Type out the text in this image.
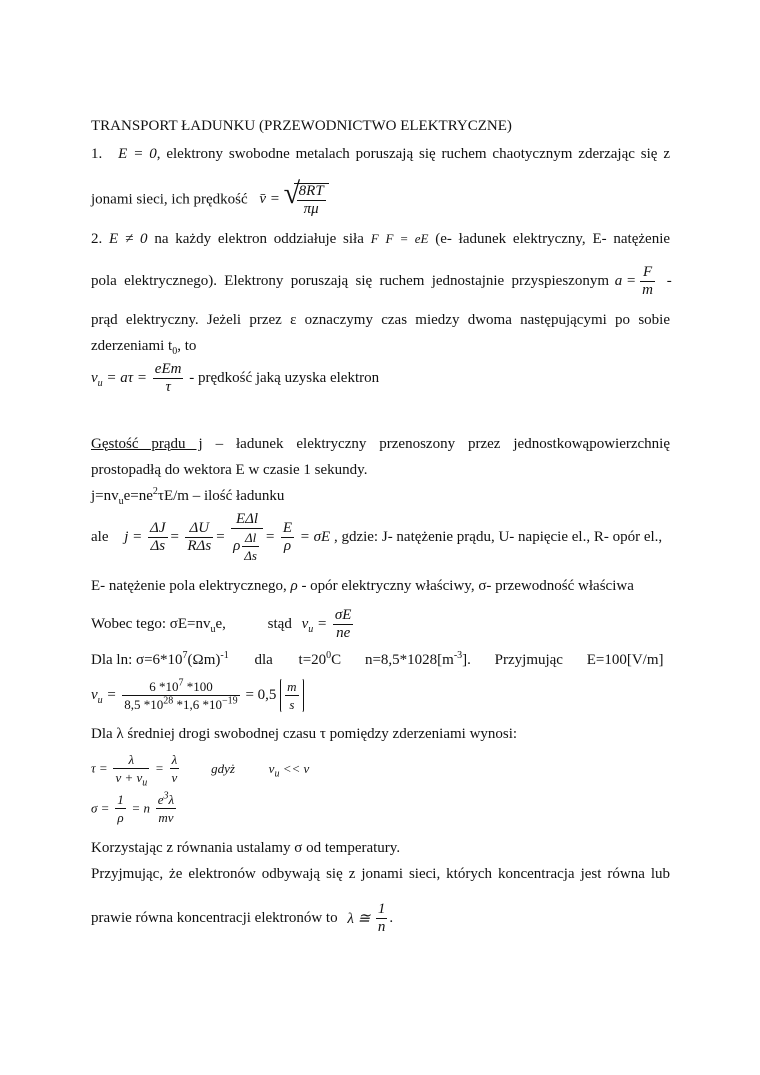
TRANSPORT ŁADUNKU (PRZEWODNICTWO ELEKTRYCZNE)
1. E = 0, elektrony swobodne metalach poruszają się ruchem chaotycznym zderzając się z
jonami sieci, ich prędkość v̄ = √
$\frac{8RT}{\pi\mu}$
2. E ≠ 0 na każdy elektron oddziałuje siła F F = eE (e- ładunek elektryczny, E- natężenie
pola elektrycznego). Elektrony poruszają się ruchem jednostajnie przyspieszonym $a = \frac{F}{m}$ -
prąd elektryczny. Jeżeli przez ε oznaczymy czas miedzy dwoma następującymi po sobie
zderzeniami $t_0$, to
$v_u = a\tau = \frac{\text{eEm}}{\tau}$ - prędkość jaką uzyska elektron
Gęstość prądu j – ładunek elektryczny przenoszony przez jednostkowąpowierzchnię
prostopadłą do wektora E w czasie 1 sekundy.
$j=nv_ue=ne^2\tau E/m$ – ilość ładunku
ale $j = \frac{\Delta J}{\Delta s} = \frac{\Delta U}{\text{RΔs}} = \frac{\text{EΔl}}{\rho \frac{\Delta l}{\Delta s}} = \frac{E}{\rho} = \sigma E$ , gdzie: J- natężenie prądu, U- napięcie el., R- opór el.,
E- natężenie pola elektrycznego, ρ - opór elektryczny właściwy, σ- przewodność właściwa
Wobec tego: $\sigma E=nv_ue$,	stąd $v_u = \frac{\sigma E}{ne}$
Dla ln: $\sigma=6*10^7(\Omega m)^{-1}$ dla $t=20^0C$ $n=8,5*1028[m^{-3}]$. Przyjmując E=100[V/m]
$v_u = \frac{6 *10^7 *100}{8,5 *10^{28} *1,6 *10^{-19}} = 0,5 \frac{m}{s}$
Dla λ średniej drogi swobodnej czasu τ pomiędzy zderzeniami wynosi:
$\tau = \frac{\lambda}{v + v_u} = \frac{\lambda}{v}$ gdyż	$v_u << v$
$\sigma = \frac{1}{\rho} = n \frac{e^3\lambda}{mv}$
Korzystając z równania ustalamy σ od temperatury.
Przyjmując, że elektronów odbywają się z jonami sieci, których koncentracja jest równa lub
prawie równa koncentracji elektronów to λ ≅ $\frac{1}{n}$ .
